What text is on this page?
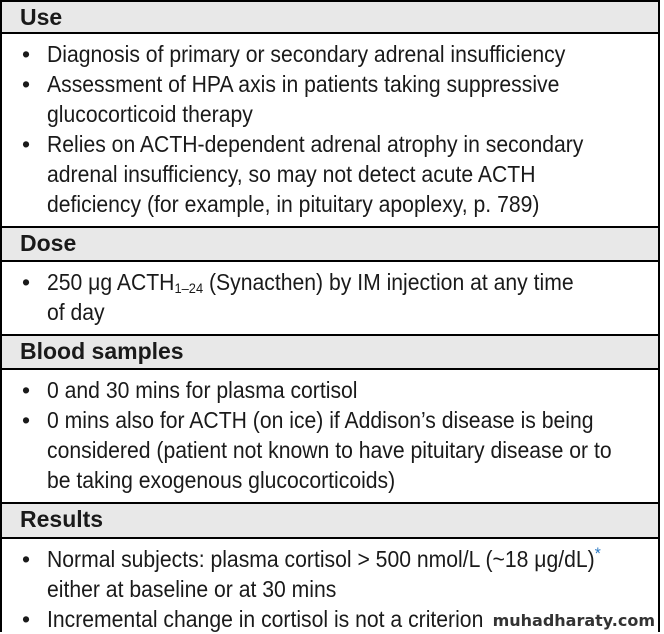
Use
• Diagnosis of primary or secondary adrenal insufficiency
• Assessment of HPA axis in patients taking suppressive
glucocorticoid therapy
• Relies on ACTH-dependent adrenal atrophy in secondary
adrenal insufficiency, so may not detect acute ACTH
deficiency (for example, in pituitary apoplexy, p. 789)
Dose
• 250 μg $ACTH_{1-24}$ (Synacthen) by IM injection at any time
of day
Blood samples
• 0 and 30 mins for plasma cortisol
• 0 mins also for ACTH (on ice) if Addison’s disease is being
considered (patient not known to have pituitary disease or to
be taking exogenous glucocorticoids)
Results
• Normal subjects: plasma cortisol > 500 nmol/L (~18 μg/dL)*
either at baseline or at 30 mins
• Incremental change in cortisol is not a criterion muhadharaty.com
